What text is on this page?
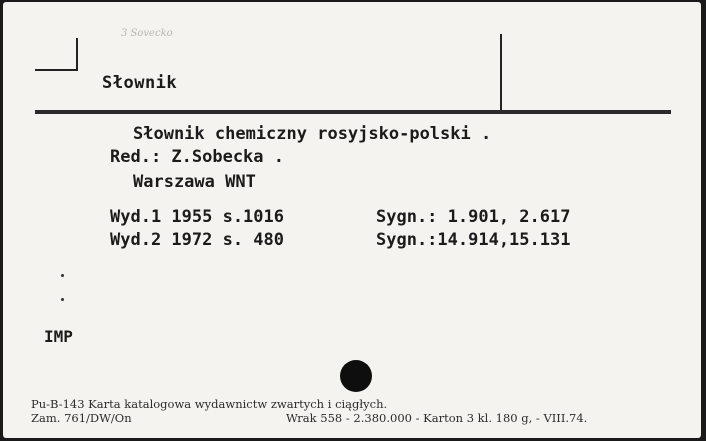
3 Sovecko
Słownik
Słownik chemiczny rosyjsko-polski .
Red.: Z.Sobecka .
Warszawa WNT
Wyd.1 1955 s.1016	Sygn.: 1.901, 2.617
Wyd.2 1972 s. 480	Sygn.:14.914,15.131
IMP
Pu-B-143 Karta katalogowa wydawnictw zwartych i ciągłych.
Zam. 761/DW/On	Wrak 558 - 2.380.000 - Karton 3 kl. 180 g, - VIII.74.
